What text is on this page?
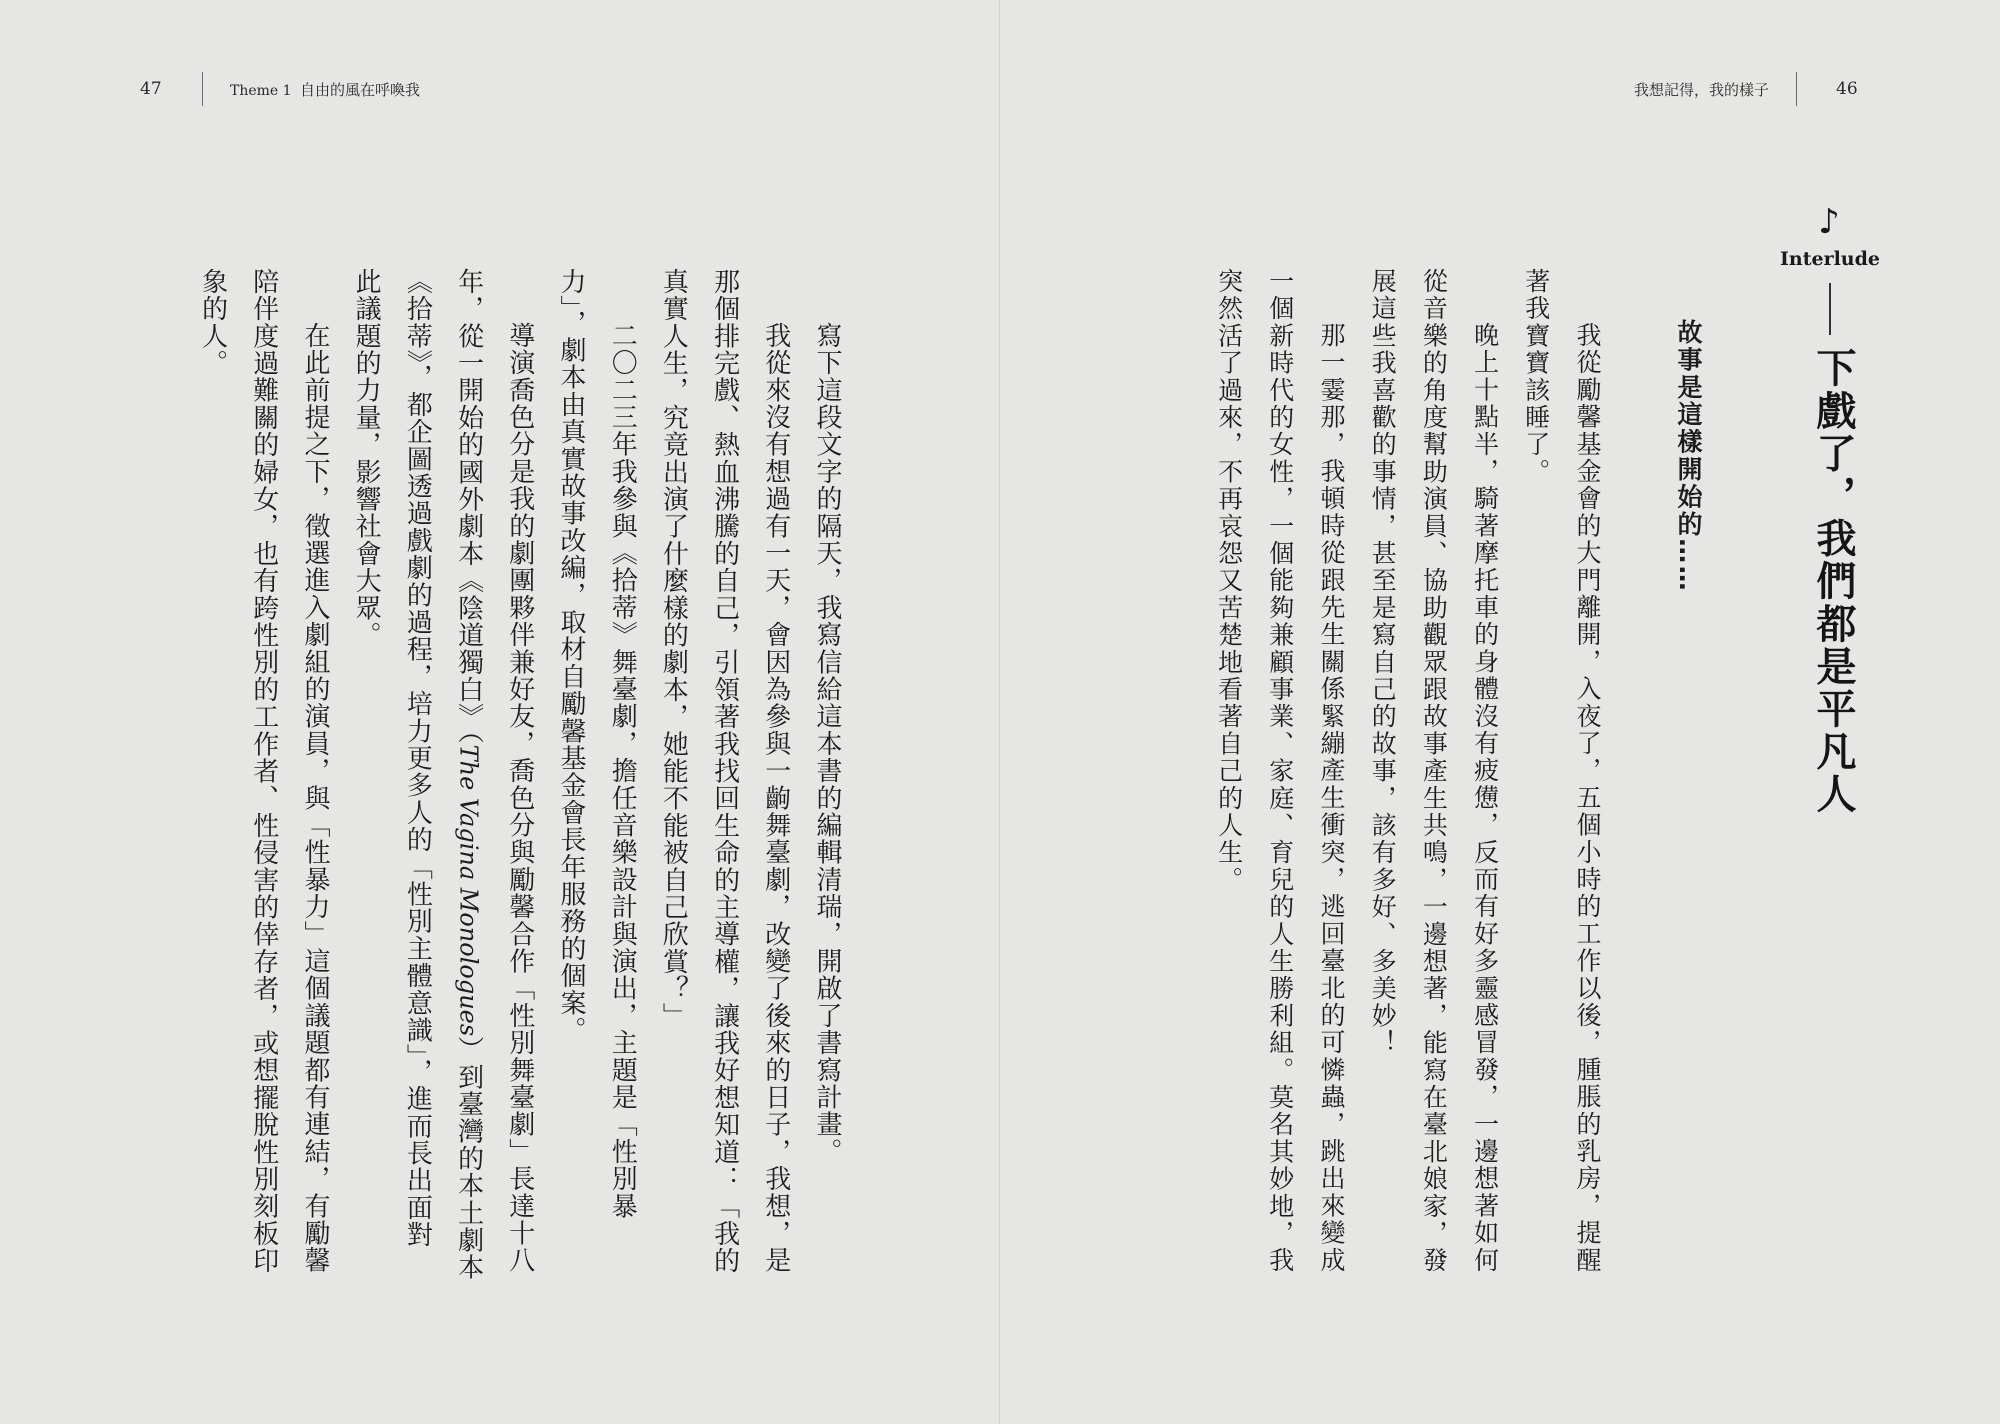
47	Theme 1 自由的風在呼喚我
寫下這段文字的隔天，我寫信給這本書的編輯清瑞，開啟了書寫計畫。
我從來沒有想過有一天，會因為參與一齣舞臺劇，改變了後來的日子，我想，是
那個排完戲、熱血沸騰的自己，引領著我找回生命的主導權，讓我好想知道：「我的
真實人生，究竟出演了什麼樣的劇本，她能不能被自己欣賞？」
二〇二三年我參與《拾蒂》舞臺劇，擔任音樂設計與演出，主題是「性別暴
力」，劇本由真實故事改編，取材自勵馨基金會長年服務的個案。
導演喬色分是我的劇團夥伴兼好友，喬色分與勵馨合作「性別舞臺劇」長達十八
年，從一開始的國外劇本《陰道獨白》（The Vagina Monologues）到臺灣的本土劇本
《拾蒂》，都企圖透過戲劇的過程，培力更多人的「性別主體意識」，進而長出面對
此議題的力量，影響社會大眾。
在此前提之下，徵選進入劇組的演員，與「性暴力」這個議題都有連結，有勵馨
陪伴度過難關的婦女，也有跨性別的工作者、性侵害的倖存者，或想擺脫性別刻板印
象的人。
我想記得，我的樣子	46
♪
Interlude
下戲了，我們都是平凡人
故事是這樣開始的……
我從勵馨基金會的大門離開，入夜了，五個小時的工作以後，腫脹的乳房，提醒
著我寶寶該睡了。
晚上十點半，騎著摩托車的身體沒有疲憊，反而有好多靈感冒發，一邊想著如何
從音樂的角度幫助演員、協助觀眾跟故事產生共鳴，一邊想著，能寫在臺北娘家，發
展這些我喜歡的事情，甚至是寫自己的故事，該有多好、多美妙！
那一霎那，我頓時從跟先生關係緊繃產生衝突，逃回臺北的可憐蟲，跳出來變成
一個新時代的女性，一個能夠兼顧事業、家庭、育兒的人生勝利組。莫名其妙地，我
突然活了過來，不再哀怨又苦楚地看著自己的人生。
